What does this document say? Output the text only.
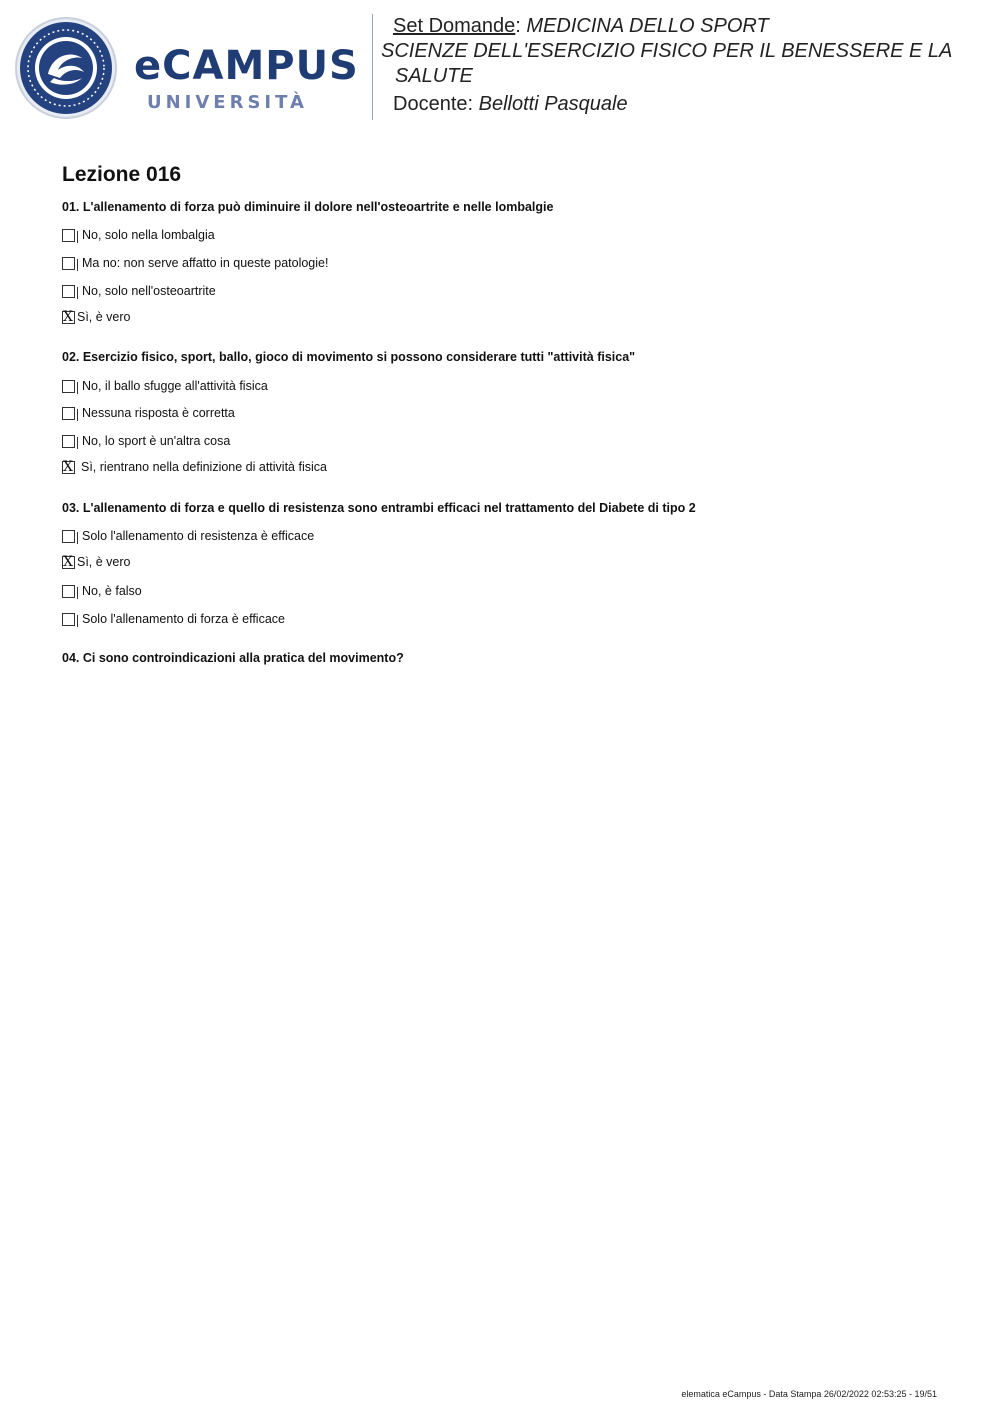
eCAMPUS
UNIVERSITÀ
Set Domande: MEDICINA DELLO SPORT
SCIENZE DELL'ESERCIZIO FISICO PER IL BENESSERE E LA
SALUTE
Docente: Bellotti Pasquale
Lezione 016
01. L'allenamento di forza può diminuire il dolore nell'osteoartrite e nelle lombalgie
No, solo nella lombalgia
Ma no: non serve affatto in queste patologie!
No, solo nell'osteoartrite
X
Sì, è vero
02. Esercizio fisico, sport, ballo, gioco di movimento si possono considerare tutti "attività fisica"
No, il ballo sfugge all'attività fisica
Nessuna risposta è corretta
No, lo sport è un'altra cosa
X
Sì, rientrano nella definizione di attività fisica
03. L'allenamento di forza e quello di resistenza sono entrambi efficaci nel trattamento del Diabete di tipo 2
Solo l'allenamento di resistenza è efficace
X
Sì, è vero
No, è falso
Solo l'allenamento di forza è efficace
04. Ci sono controindicazioni alla pratica del movimento?
elematica eCampus - Data Stampa 26/02/2022 02:53:25 - 19/51
